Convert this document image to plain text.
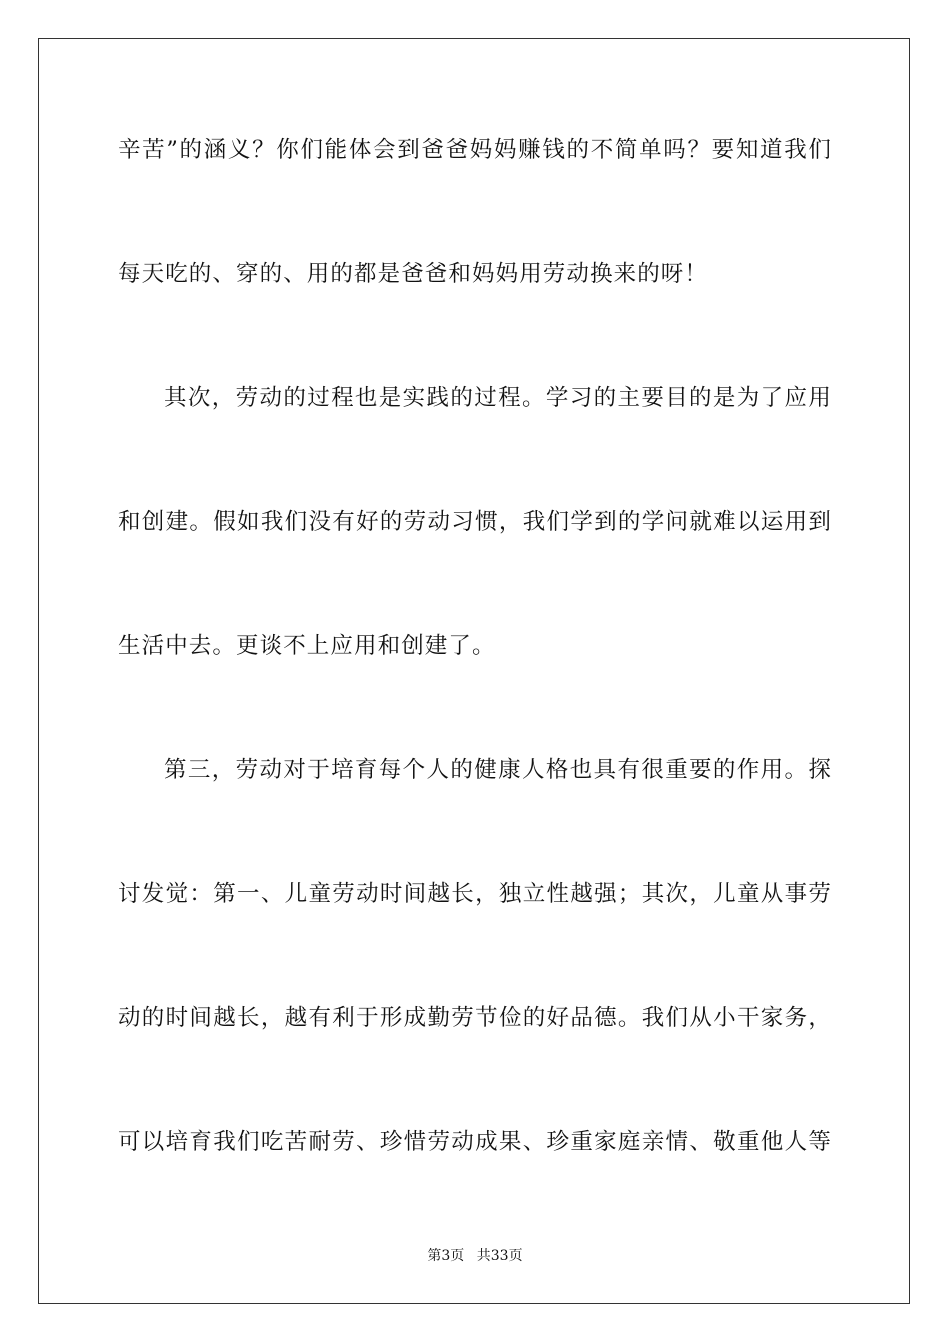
辛苦”的涵义？你们能体会到爸爸妈妈赚钱的不简单吗？要知道我们
每天吃的、穿的、用的都是爸爸和妈妈用劳动换来的呀！
其次，劳动的过程也是实践的过程。学习的主要目的是为了应用
和创建。假如我们没有好的劳动习惯，我们学到的学问就难以运用到
生活中去。更谈不上应用和创建了。
第三，劳动对于培育每个人的健康人格也具有很重要的作用。探
讨发觉：第一、儿童劳动时间越长，独立性越强；其次，儿童从事劳
动的时间越长，越有利于形成勤劳节俭的好品德。我们从小干家务，
可以培育我们吃苦耐劳、珍惜劳动成果、珍重家庭亲情、敬重他人等
第3页 共33页
